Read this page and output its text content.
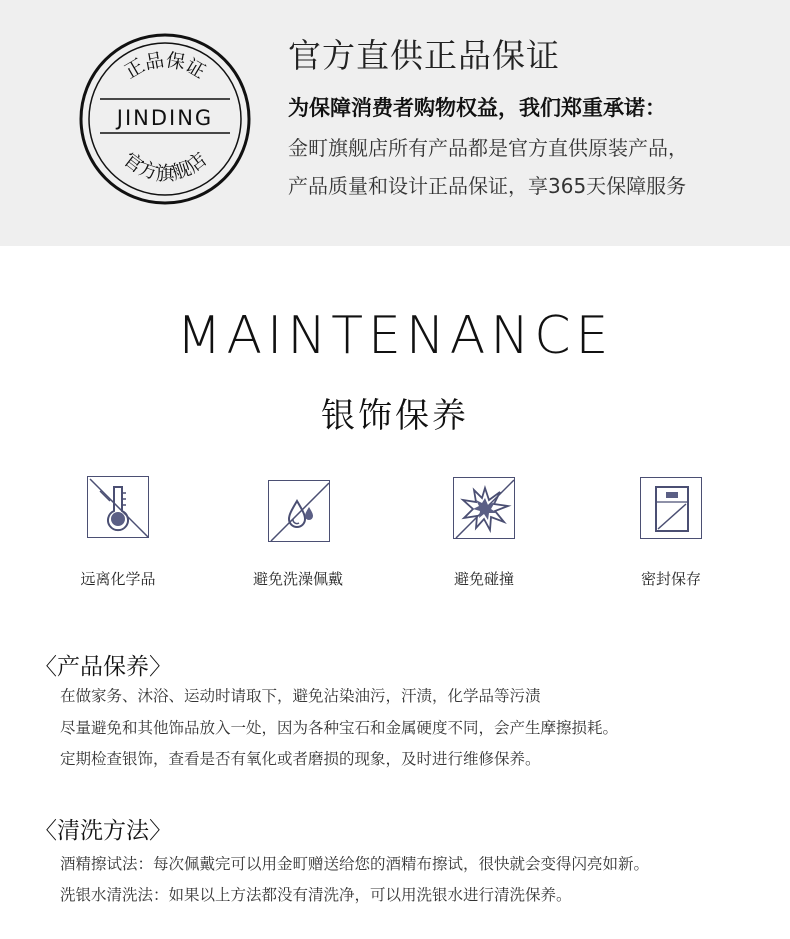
正品保证
JINDING
官方旗舰店
官方直供正品保证
为保障消费者购物权益，我们郑重承诺：
金町旗舰店所有产品都是官方直供原装产品，
产品质量和设计正品保证，享365天保障服务
MAINTENANCE
银饰保养
远离化学品	避免洗澡佩戴	避免碰撞	密封保存
〈产品保养〉
在做家务、沐浴、运动时请取下，避免沾染油污，汗渍，化学品等污渍
尽量避免和其他饰品放入一处，因为各种宝石和金属硬度不同，会产生摩擦损耗。
定期检查银饰，查看是否有氧化或者磨损的现象，及时进行维修保养。
〈清洗方法〉
酒精擦试法：每次佩戴完可以用金町赠送给您的酒精布擦试，很快就会变得闪亮如新。
洗银水清洗法：如果以上方法都没有清洗净，可以用洗银水进行清洗保养。
